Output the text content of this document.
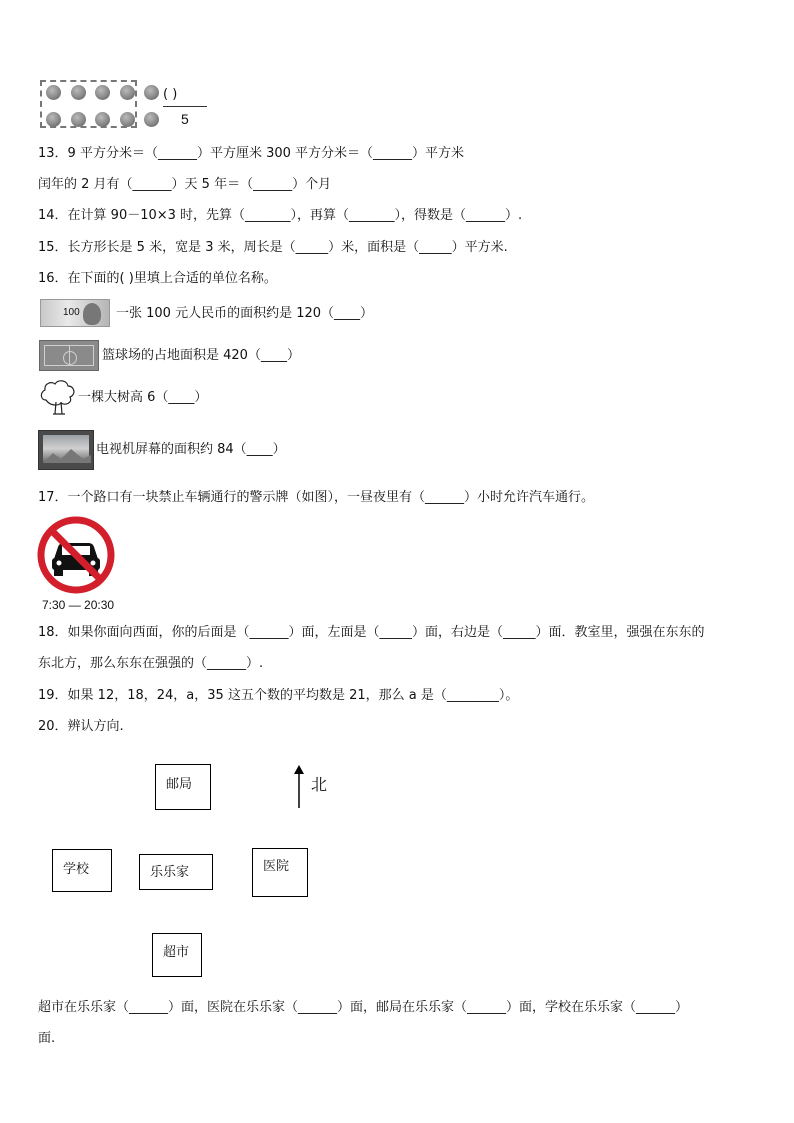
( )
5
13．9 平方分米＝（______）平方厘米 300 平方分米＝（______）平方米
闰年的 2 月有（______）天 5 年＝（______）个月
14．在计算 90－10×3 时，先算（_______），再算（_______），得数是（______）.
15．长方形长是 5 米，宽是 3 米，周长是（_____）米，面积是（_____）平方米.
16．在下面的( )里填上合适的单位名称。
100	一张 100 元人民币的面积约是 120（____）
篮球场的占地面积是 420（____）
一棵大树高 6（____）
电视机屏幕的面积约 84（____）
17．一个路口有一块禁止车辆通行的警示牌（如图），一昼夜里有（______）小时允许汽车通行。
7:30 — 20:30
18．如果你面向西面，你的后面是（______）面，左面是（_____）面，右边是（_____）面．教室里，强强在东东的
东北方，那么东东在强强的（______）.
19．如果 12，18，24，a，35 这五个数的平均数是 21，那么 a 是（________）。
20．辨认方向.
邮局	北
学校	乐乐家	医院
超市
超市在乐乐家（______）面，医院在乐乐家（______）面，邮局在乐乐家（______）面，学校在乐乐家（______）
面.
